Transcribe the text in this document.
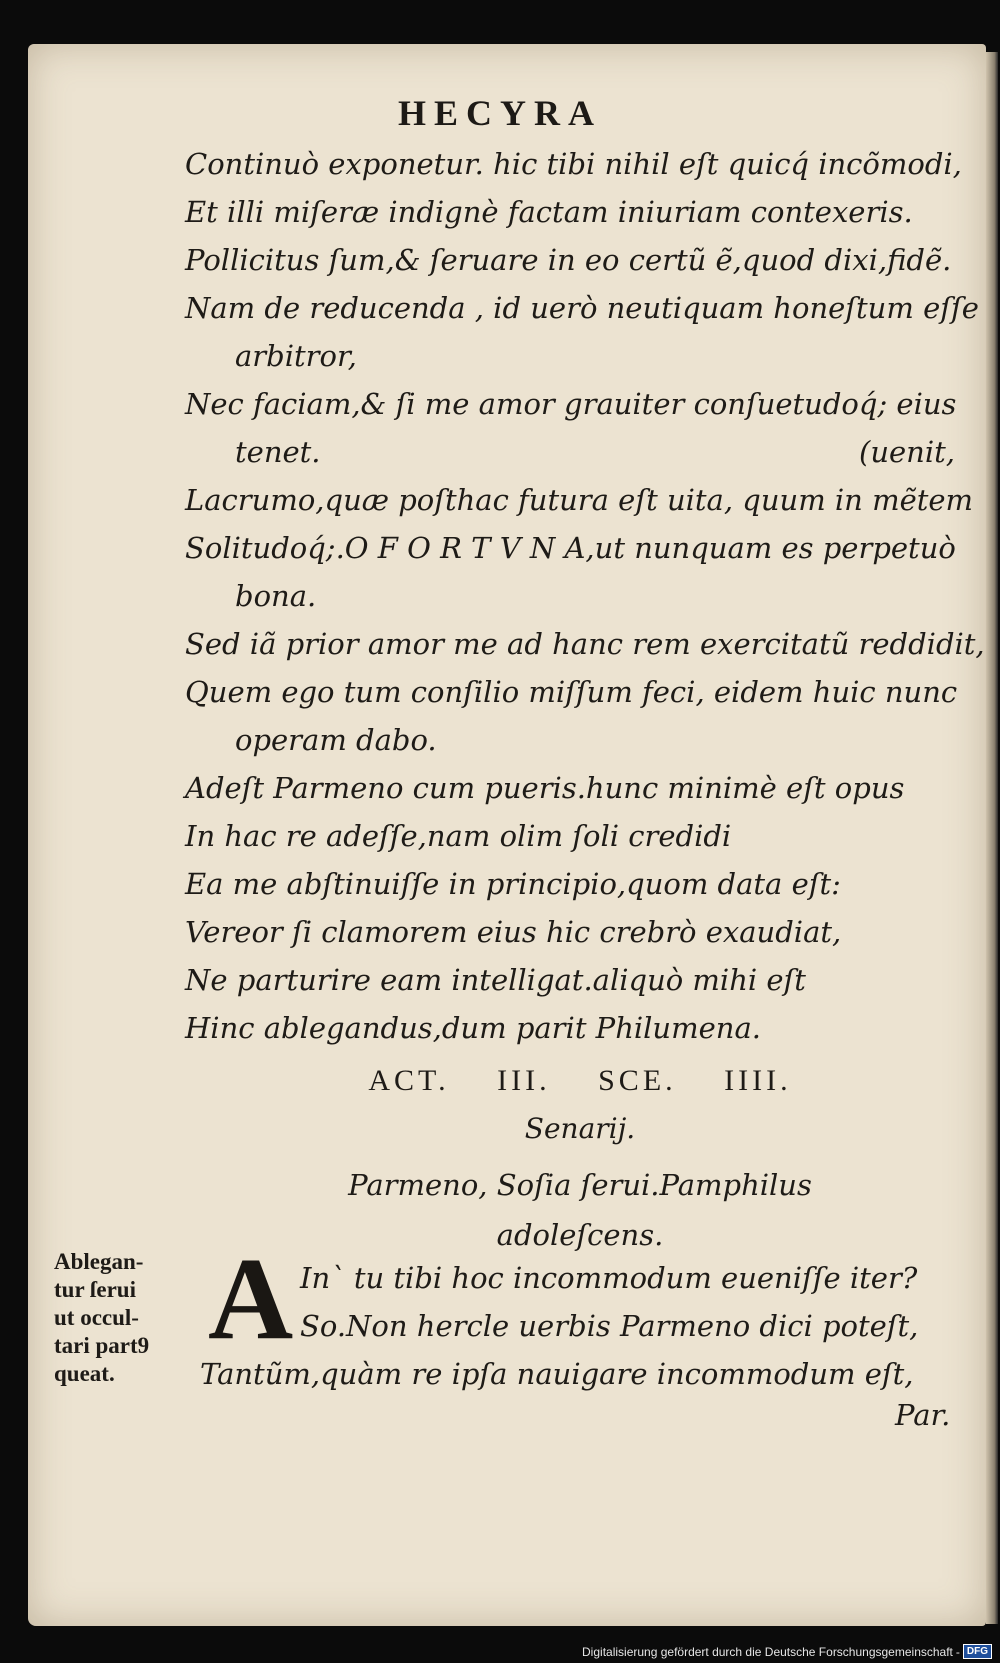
HECYRA
Continuò exponetur. hic tibi nihil eſt quicq́ incõmodi,
Et illi miſeræ indignè factam iniuriam contexeris.
Pollicitus ſum,& ſeruare in eo certũ ẽ,quod dixi,fidẽ.
Nam de reducenda , id uerò neutiquam honeſtum eſſe
arbitror,
Nec faciam,& ſi me amor grauiter conſuetudoq́; eius
tenet.	(uenit,
Lacrumo,quæ poſthac futura eſt uita, quum in mẽtem
Solitudoq́;.O F O R T V N A,ut nunquam es perpetuò
bona.
Sed iã prior amor me ad hanc rem exercitatũ reddidit,
Quem ego tum conſilio miſſum feci, eidem huic nunc
operam dabo.
Adeſt Parmeno cum pueris.hunc minimè eſt opus
In hac re adeſſe,nam olim ſoli credidi
Ea me abſtinuiſſe in principio,quom data eſt:
Vereor ſi clamorem eius hic crebrò exaudiat,
Ne parturire eam intelligat.aliquò mihi eſt
Hinc ablegandus,dum parit Philumena.
ACT. III. SCE. IIII.
Senarij.
Parmeno, Soſia ſerui.Pamphilus
adoleſcens.
A In` tu tibi hoc incommodum eueniſſe iter?
So.Non hercle uerbis Parmeno dici poteſt,
Tantũm,quàm re ipſa nauigare incommodum eſt,
Ablegan-
tur ſerui
ut occul-
tari part9
queat.
Par.
Digitalisierung gefördert durch die Deutsche Forschungsgemeinschaft - DFG
